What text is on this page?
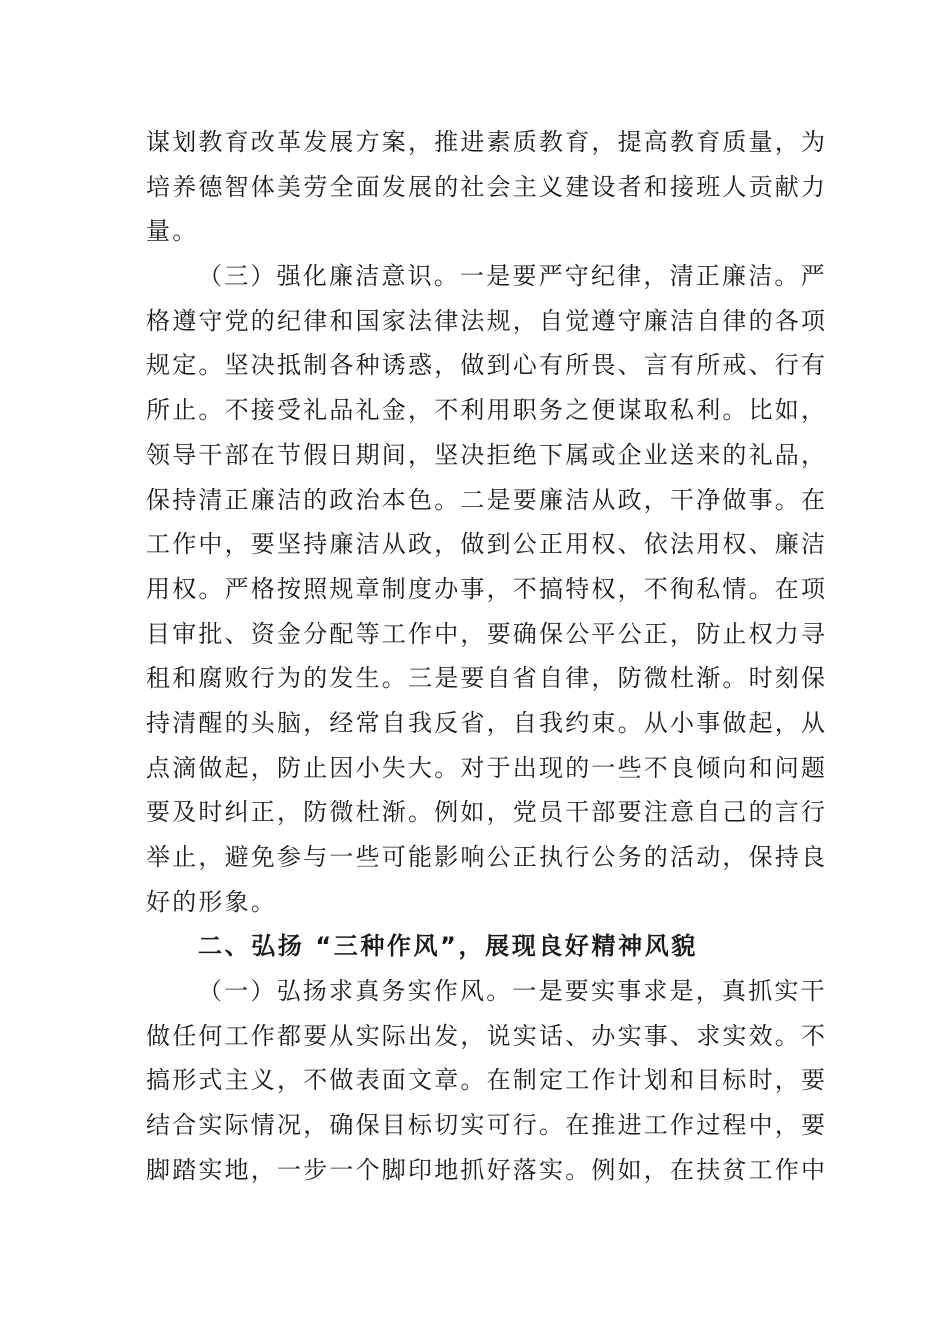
谋划教育改革发展方案，推进素质教育，提高教育质量，为
培养德智体美劳全面发展的社会主义建设者和接班人贡献力
量。
（三）强化廉洁意识。一是要严守纪律，清正廉洁。严
格遵守党的纪律和国家法律法规，自觉遵守廉洁自律的各项
规定。坚决抵制各种诱惑，做到心有所畏、言有所戒、行有
所止。不接受礼品礼金，不利用职务之便谋取私利。比如，
领导干部在节假日期间，坚决拒绝下属或企业送来的礼品，
保持清正廉洁的政治本色。二是要廉洁从政，干净做事。在
工作中，要坚持廉洁从政，做到公正用权、依法用权、廉洁
用权。严格按照规章制度办事，不搞特权，不徇私情。在项
目审批、资金分配等工作中，要确保公平公正，防止权力寻
租和腐败行为的发生。三是要自省自律，防微杜渐。时刻保
持清醒的头脑，经常自我反省，自我约束。从小事做起，从
点滴做起，防止因小失大。对于出现的一些不良倾向和问题
要及时纠正，防微杜渐。例如，党员干部要注意自己的言行
举止，避免参与一些可能影响公正执行公务的活动，保持良
好的形象。
二、弘扬 “三种作风”，展现良好精神风貌
（一）弘扬求真务实作风。一是要实事求是，真抓实干
做任何工作都要从实际出发，说实话、办实事、求实效。不
搞形式主义，不做表面文章。在制定工作计划和目标时，要
结合实际情况，确保目标切实可行。在推进工作过程中，要
脚踏实地，一步一个脚印地抓好落实。例如，在扶贫工作中
